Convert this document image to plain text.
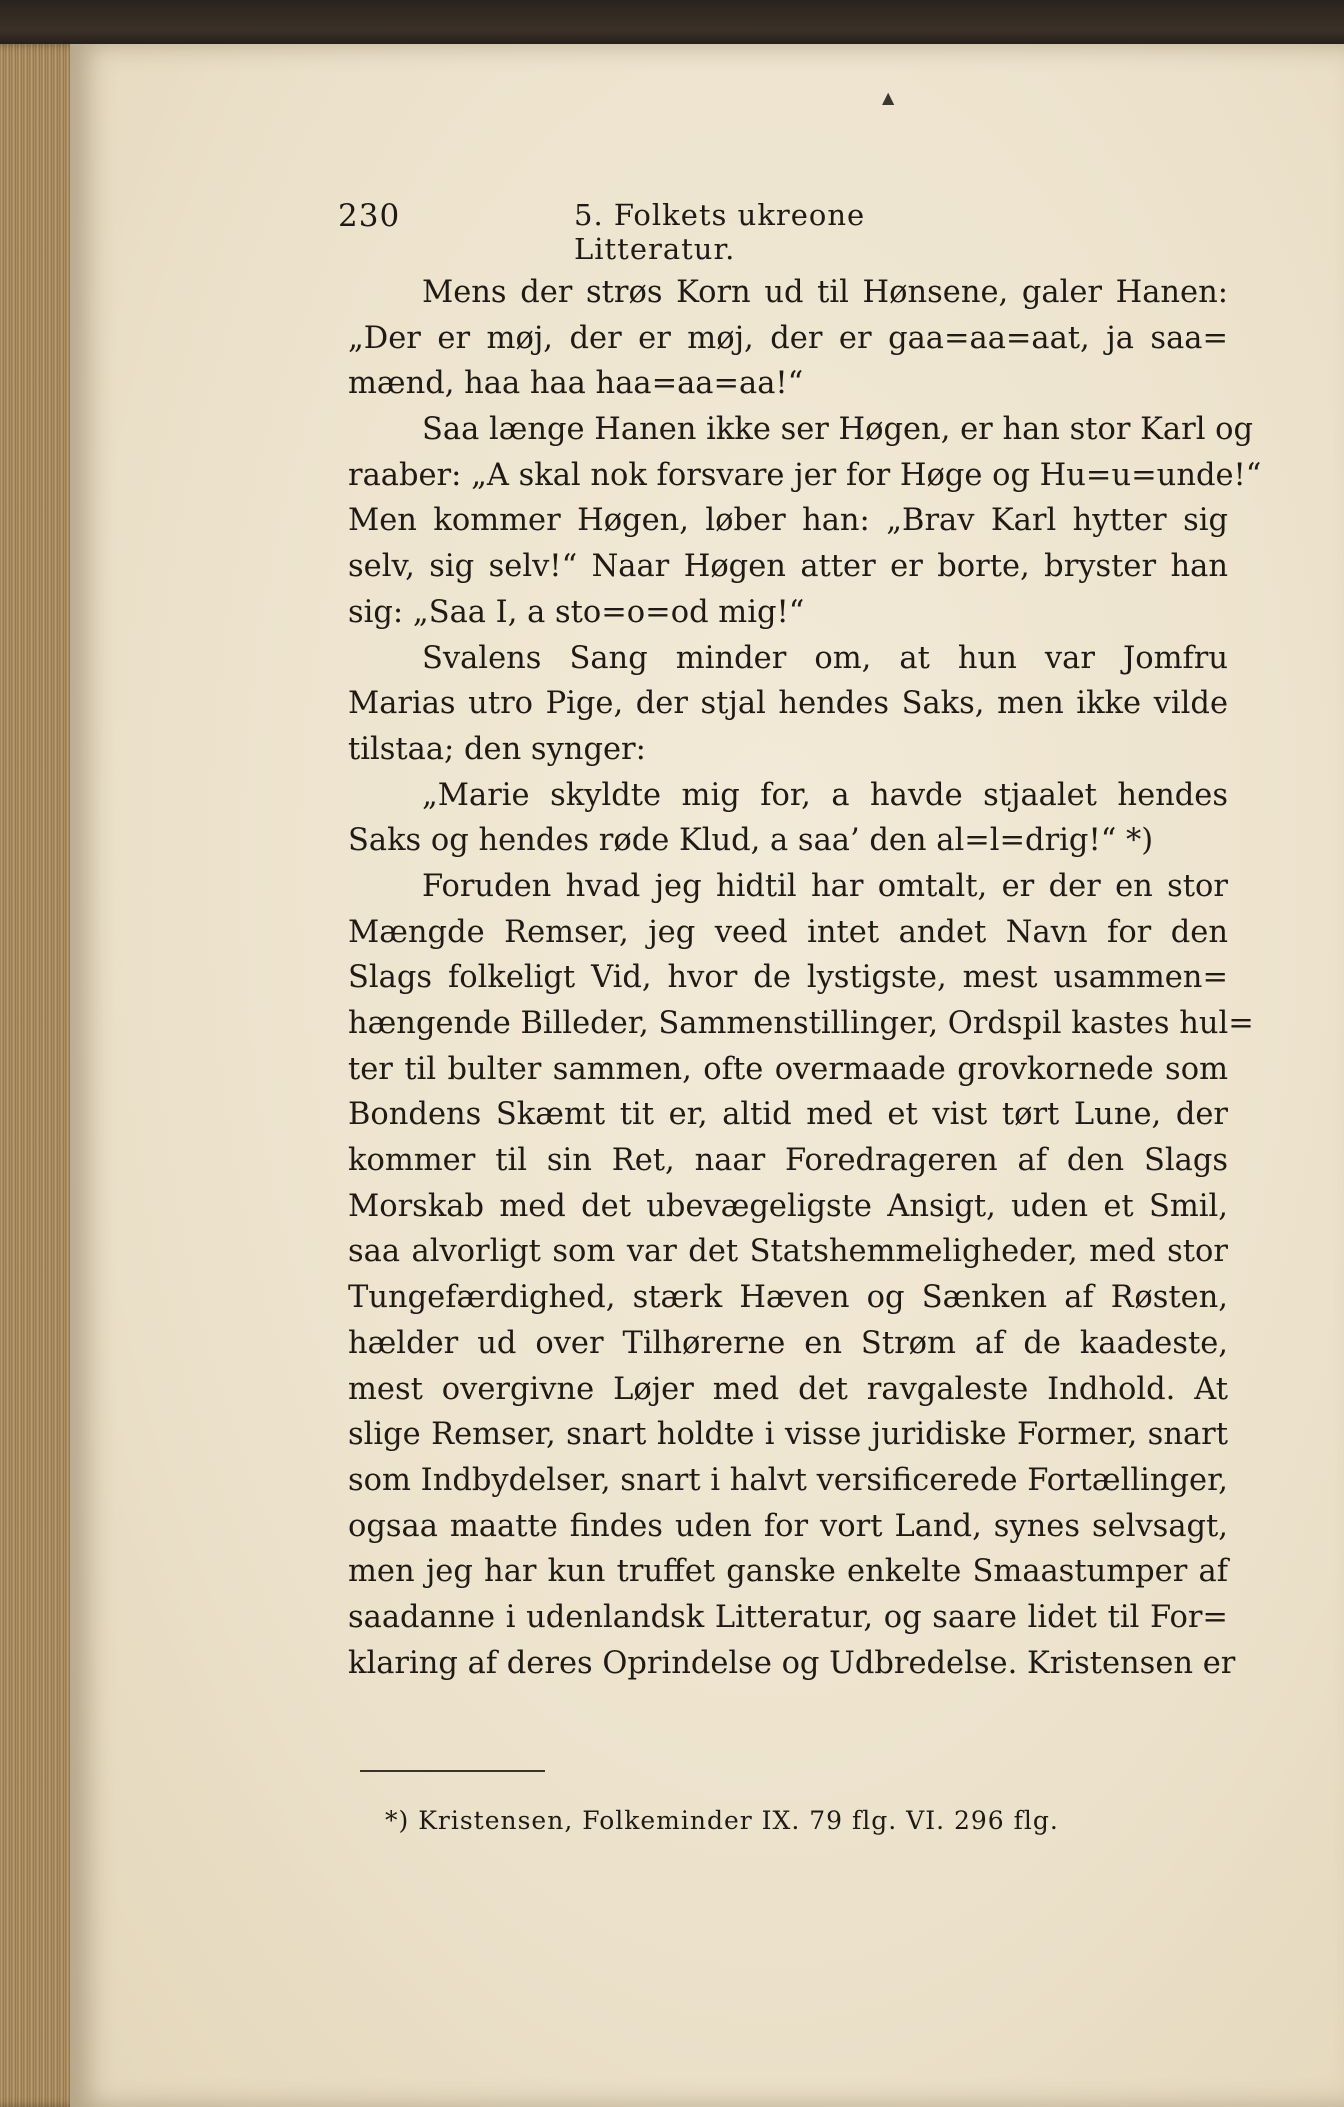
▲
230	5. Folkets ukreone Litteratur.
Mens der strøs Korn ud til Hønsene, galer Hanen:
„Der er møj, der er møj, der er gaa=aa=aat, ja saa=
mænd, haa haa haa=aa=aa!“
Saa længe Hanen ikke ser Høgen, er han stor Karl og
raaber: „A skal nok forsvare jer for Høge og Hu=u=unde!“
Men kommer Høgen, løber han: „Brav Karl hytter sig
selv, sig selv!“ Naar Høgen atter er borte, bryster han
sig: „Saa I, a sto=o=od mig!“
Svalens Sang minder om, at hun var Jomfru
Marias utro Pige, der stjal hendes Saks, men ikke vilde
tilstaa; den synger:
„Marie skyldte mig for, a havde stjaalet hendes
Saks og hendes røde Klud, a saa’ den al=l=drig!“ *)
Foruden hvad jeg hidtil har omtalt, er der en stor
Mængde Remser, jeg veed intet andet Navn for den
Slags folkeligt Vid, hvor de lystigste, mest usammen=
hængende Billeder, Sammenstillinger, Ordspil kastes hul=
ter til bulter sammen, ofte overmaade grovkornede som
Bondens Skæmt tit er, altid med et vist tørt Lune, der
kommer til sin Ret, naar Foredrageren af den Slags
Morskab med det ubevægeligste Ansigt, uden et Smil,
saa alvorligt som var det Statshemmeligheder, med stor
Tungefærdighed, stærk Hæven og Sænken af Røsten,
hælder ud over Tilhørerne en Strøm af de kaadeste,
mest overgivne Løjer med det ravgaleste Indhold. At
slige Remser, snart holdte i visse juridiske Former, snart
som Indbydelser, snart i halvt versificerede Fortællinger,
ogsaa maatte findes uden for vort Land, synes selvsagt,
men jeg har kun truffet ganske enkelte Smaastumper af
saadanne i udenlandsk Litteratur, og saare lidet til For=
klaring af deres Oprindelse og Udbredelse. Kristensen er
*) Kristensen, Folkeminder IX. 79 flg. VI. 296 flg.
